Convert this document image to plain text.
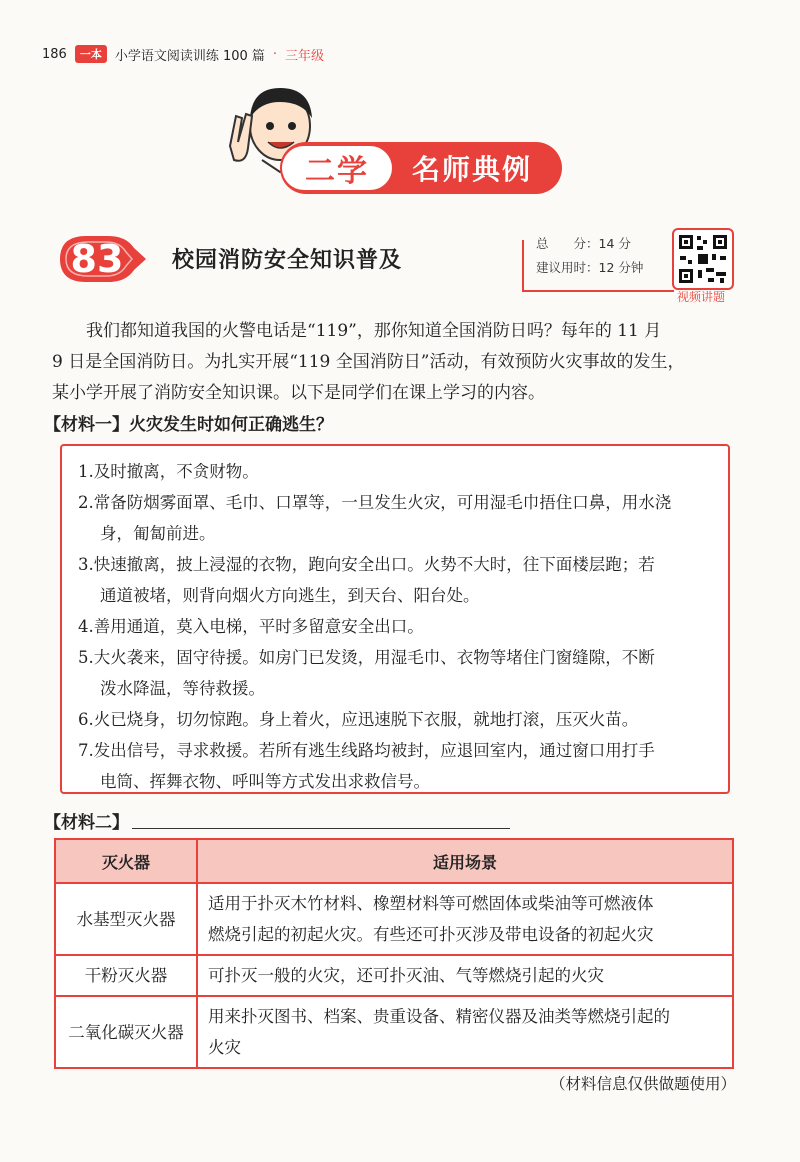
186	一本	小学语文阅读训练 100 篇 · 三年级
二学	名师典例
83	校园消防安全知识普及
总　　分：14 分
建议用时：12 分钟
视频讲题
我们都知道我国的火警电话是“119”，那你知道全国消防日吗？每年的 11 月
9 日是全国消防日。为扎实开展“119 全国消防日”活动，有效预防火灾事故的发生，
某小学开展了消防安全知识课。以下是同学们在课上学习的内容。
【材料一】火灾发生时如何正确逃生？
1.及时撤离，不贪财物。
2.常备防烟雾面罩、毛巾、口罩等，一旦发生火灾，可用湿毛巾捂住口鼻，用水浇
身，匍匐前进。
3.快速撤离，披上浸湿的衣物，跑向安全出口。火势不大时，往下面楼层跑；若
通道被堵，则背向烟火方向逃生，到天台、阳台处。
4.善用通道，莫入电梯，平时多留意安全出口。
5.大火袭来，固守待援。如房门已发烫，用湿毛巾、衣物等堵住门窗缝隙，不断
泼水降温，等待救援。
6.火已烧身，切勿惊跑。身上着火，应迅速脱下衣服，就地打滚，压灭火苗。
7.发出信号，寻求救援。若所有逃生线路均被封，应退回室内，通过窗口用打手
电筒、挥舞衣物、呼叫等方式发出求救信号。
【材料二】
灭火器	适用场景
水基型灭火器	适用于扑灭木竹材料、橡塑材料等可燃固体或柴油等可燃液体
燃烧引起的初起火灾。有些还可扑灭涉及带电设备的初起火灾

干粉灭火器	可扑灭一般的火灾，还可扑灭油、气等燃烧引起的火灾

二氧化碳灭火器	用来扑灭图书、档案、贵重设备、精密仪器及油类等燃烧引起的
火灾
（材料信息仅供做题使用）
